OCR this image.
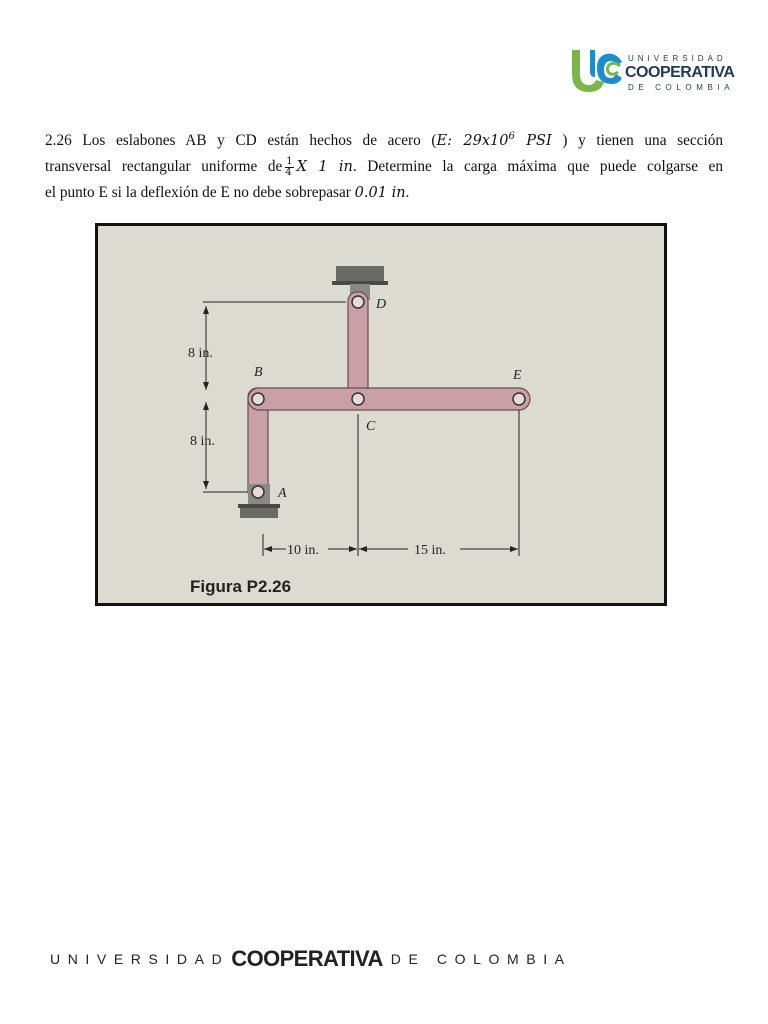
UNIVERSIDAD
COOPERATIVA
DE COLOMBIA
2.26 Los eslabones AB y CD están hechos de acero (E: $29x10^6$ PSI ) y tienen una sección
transversal rectangular uniforme de $\frac{1}{4}$ X 1 in. Determine la carga máxima que puede colgarse en
el punto E si la deflexión de E no debe sobrepasar 0.01 in.
8 in.
8 in.
B
D
C
E
A
10 in.	15 in.
Figura P2.26
UNIVERSIDADCOOPERATIVA DE COLOMBIA
